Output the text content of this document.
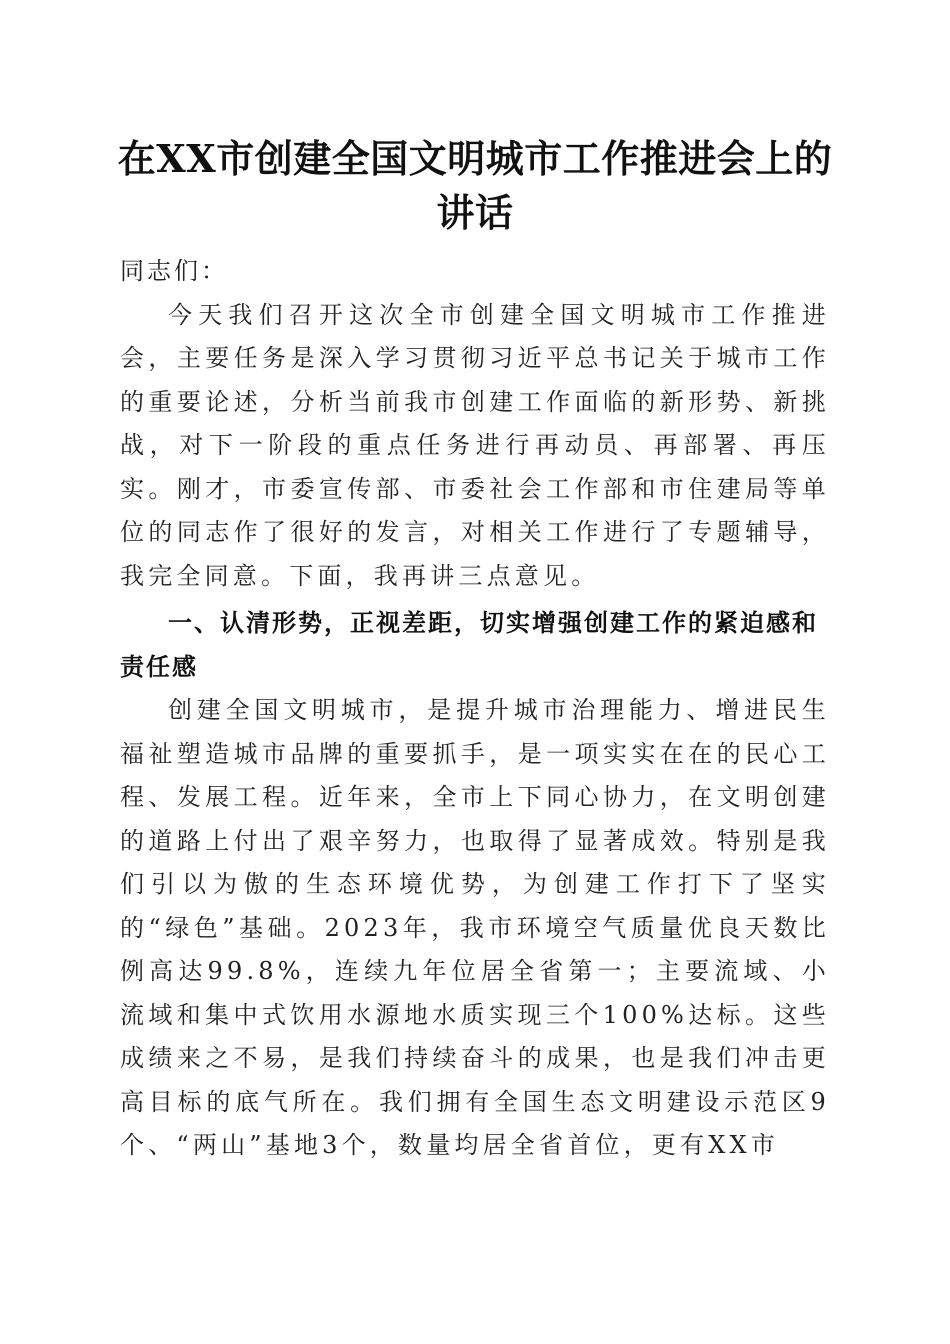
在XX市创建全国文明城市工作推进会上的讲话

同志们：

今天我们召开这次全市创建全国文明城市工作推进会，主要任务是深入学习贯彻习近平总书记关于城市工作的重要论述，分析当前我市创建工作面临的新形势、新挑战，对下一阶段的重点任务进行再动员、再部署、再压实。刚才，市委宣传部、市委社会工作部和市住建局等单位的同志作了很好的发言，对相关工作进行了专题辅导，我完全同意。下面，我再讲三点意见。

一、认清形势，正视差距，切实增强创建工作的紧迫感和责任感

创建全国文明城市，是提升城市治理能力、增进民生福祉塑造城市品牌的重要抓手，是一项实实在在的民心工程、发展工程。近年来，全市上下同心协力，在文明创建的道路上付出了艰辛努力，也取得了显著成效。特别是我们引以为傲的生态环境优势，为创建工作打下了坚实的“绿色”基础。2023年，我市环境空气质量优良天数比例高达99.8%，连续九年位居全省第一；主要流域、小流域和集中式饮用水源地水质实现三个100%达标。这些成绩来之不易，是我们持续奋斗的成果，也是我们冲击更高目标的底气所在。我们拥有全国生态文明建设示范区9个、“两山”基地3个，数量均居全省首位，更有XX市
